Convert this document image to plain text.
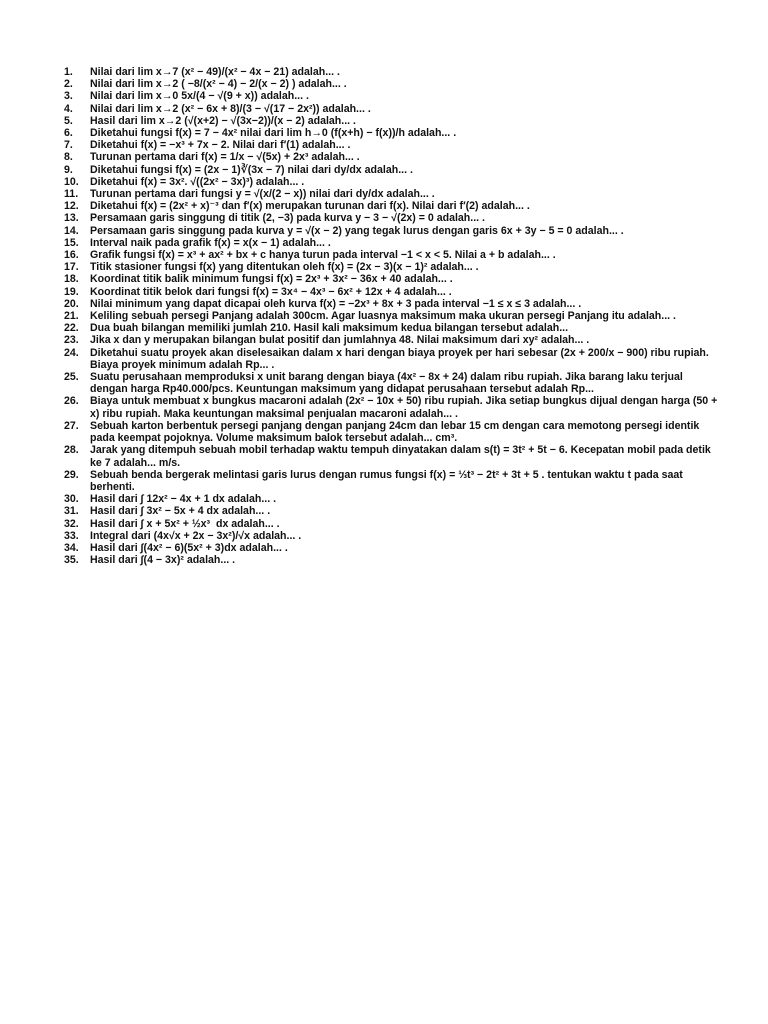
1.	Nilai dari lim x→7 (x² − 49)/(x² − 4x − 21) adalah... .
2.	Nilai dari lim x→2 ( −8/(x² − 4) − 2/(x − 2) ) adalah... .
3.	Nilai dari lim x→0 5x/(4 − √(9 + x)) adalah... .
4.	Nilai dari lim x→2 (x² − 6x + 8)/(3 − √(17 − 2x²)) adalah... .
5.	Hasil dari lim x→2 (√(x+2) − √(3x−2))/(x − 2) adalah... .
6.	Diketahui fungsi f(x) = 7 − 4x² nilai dari lim h→0 (f(x+h) − f(x))/h adalah... .
7.	Diketahui f(x) = −x³ + 7x − 2. Nilai dari f′(1) adalah... .
8.	Turunan pertama dari f(x) = 1/x − √(5x) + 2x³ adalah... .
9.	Diketahui fungsi f(x) = (2x − 1)∛(3x − 7) nilai dari dy/dx adalah... .
10.	Diketahui f(x) = 3x². √((2x² − 3x)³) adalah... .
11.	Turunan pertama dari fungsi y = √(x/(2 − x)) nilai dari dy/dx adalah... .
12.	Diketahui f(x) = (2x² + x)⁻³ dan f′(x) merupakan turunan dari f(x). Nilai dari f′(2) adalah... .
13.	Persamaan garis singgung di titik (2, −3) pada kurva y − 3 − √(2x) = 0 adalah... .
14.	Persamaan garis singgung pada kurva y = √(x − 2) yang tegak lurus dengan garis 6x + 3y − 5 = 0 adalah... .
15.	Interval naik pada grafik f(x) = x(x − 1) adalah... .
16.	Grafik fungsi f(x) = x³ + ax² + bx + c hanya turun pada interval −1 < x < 5. Nilai a + b adalah... .
17.	Titik stasioner fungsi f(x) yang ditentukan oleh f(x) = (2x − 3)(x − 1)² adalah... .
18.	Koordinat titik balik minimum fungsi f(x) = 2x³ + 3x² − 36x + 40 adalah... .
19.	Koordinat titik belok dari fungsi f(x) = 3x⁴ − 4x³ − 6x² + 12x + 4 adalah... .
20.	Nilai minimum yang dapat dicapai oleh kurva f(x) = −2x³ + 8x + 3 pada interval −1 ≤ x ≤ 3 adalah... .
21.	Keliling sebuah persegi Panjang adalah 300cm. Agar luasnya maksimum maka ukuran persegi Panjang itu adalah... .
22.	Dua buah bilangan memiliki jumlah 210. Hasil kali maksimum kedua bilangan tersebut adalah...
23.	Jika x dan y merupakan bilangan bulat positif dan jumlahnya 48. Nilai maksimum dari xy² adalah... .
24.	Diketahui suatu proyek akan diselesaikan dalam x hari dengan biaya proyek per hari sebesar (2x + 200/x − 900) ribu rupiah. Biaya proyek minimum adalah Rp... .
25.	Suatu perusahaan memproduksi x unit barang dengan biaya (4x² − 8x + 24) dalam ribu rupiah. Jika barang laku terjual dengan harga Rp40.000/pcs. Keuntungan maksimum yang didapat perusahaan tersebut adalah Rp...
26.	Biaya untuk membuat x bungkus macaroni adalah (2x² − 10x + 50) ribu rupiah. Jika setiap bungkus dijual dengan harga (50 + x) ribu rupiah. Maka keuntungan maksimal penjualan macaroni adalah... .
27.	Sebuah karton berbentuk persegi panjang dengan panjang 24cm dan lebar 15 cm dengan cara memotong persegi identik pada keempat pojoknya. Volume maksimum balok tersebut adalah... cm³.
28.	Jarak yang ditempuh sebuah mobil terhadap waktu tempuh dinyatakan dalam s(t) = 3t² + 5t − 6. Kecepatan mobil pada detik ke 7 adalah... m/s.
29.	Sebuah benda bergerak melintasi garis lurus dengan rumus fungsi f(x) = ⅓t³ − 2t² + 3t + 5 . tentukan waktu t pada saat berhenti.
30.	Hasil dari ∫ 12x² − 4x + 1 dx adalah... .
31.	Hasil dari ∫ 3x² − 5x + 4 dx adalah... .
32.	Hasil dari ∫ x + 5x² + ½x³  dx adalah... .
33.	Integral dari (4x√x + 2x − 3x²)/√x adalah... .
34.	Hasil dari ∫(4x² − 6)(5x² + 3)dx adalah... .
35.	Hasil dari ∫(4 − 3x)² adalah... .
